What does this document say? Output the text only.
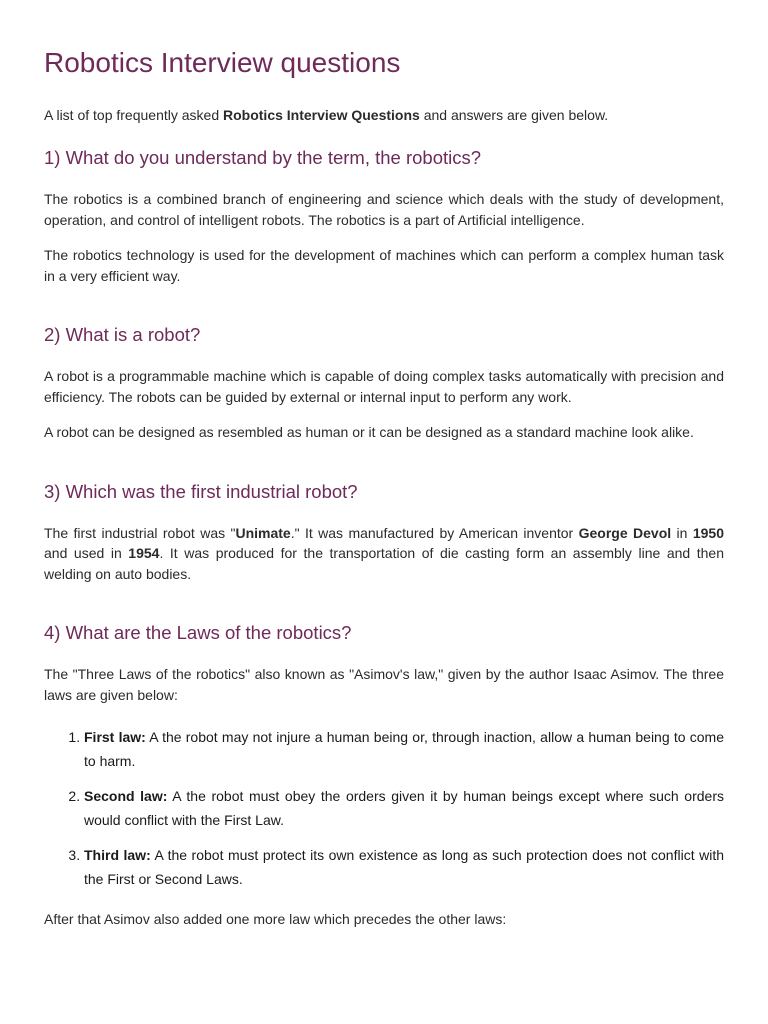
Robotics Interview questions

A list of top frequently asked Robotics Interview Questions and answers are given below.

1) What do you understand by the term, the robotics?

The robotics is a combined branch of engineering and science which deals with the study of development, operation, and control of intelligent robots. The robotics is a part of Artificial intelligence.

The robotics technology is used for the development of machines which can perform a complex human task in a very efficient way.

2) What is a robot?

A robot is a programmable machine which is capable of doing complex tasks automatically with precision and efficiency. The robots can be guided by external or internal input to perform any work.

A robot can be designed as resembled as human or it can be designed as a standard machine look alike.

3) Which was the first industrial robot?

The first industrial robot was "Unimate." It was manufactured by American inventor George Devol in 1950 and used in 1954. It was produced for the transportation of die casting form an assembly line and then welding on auto bodies.

4) What are the Laws of the robotics?

The "Three Laws of the robotics" also known as "Asimov's law," given by the author Isaac Asimov. The three laws are given below:

1. First law: A the robot may not injure a human being or, through inaction, allow a human being to come to harm.
2. Second law: A the robot must obey the orders given it by human beings except where such orders would conflict with the First Law.
3. Third law: A the robot must protect its own existence as long as such protection does not conflict with the First or Second Laws.

After that Asimov also added one more law which precedes the other laws:
